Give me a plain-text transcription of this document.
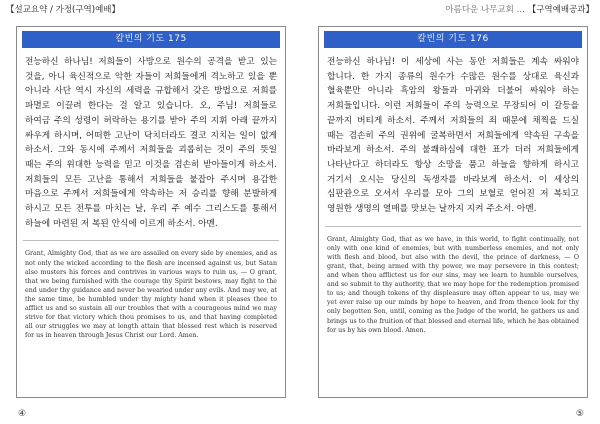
【설교요약 / 가정(구역)예배】	아름다운 나무교회 … 【구역예배공과】
칼빈의 기도 175
전능하신 하나님! 저희들이 사방으로 원수의 공격을 받고 있는 것을, 아니 육신적으로 악한 자들이 저희들에게 격노하고 있을 뿐 아니라 사단 역시 자신의 세력을 규합해서 갖은 방법으로 저희를 파멸로 이끌려 한다는 걸 알고 있습니다. 오, 주님! 저희들로 하여금 주의 성령이 허락하는 용기를 받아 주의 지휘 아래 끝까지 싸우게 하시며, 어떠한 고난이 닥치더라도 결코 지치는 일이 없게 하소서. 그와 동시에 주께서 저희들을 괴롭히는 것이 주의 뜻일 때는 주의 위대한 능력을 믿고 이것을 겸손히 받아들이게 하소서. 저희들의 모든 고난을 통해서 저희들을 붙잡아 주시며 용감한 마음으로 주께서 저희들에게 약속하는 저 승리를 향해 분발하게 하시고 모든 전투를 마치는 날, 우리 주 예수 그리스도를 통해서 하늘에 마련된 저 복된 안식에 이르게 하소서. 아멘.
Grant, Almighty God, that as we are assailed on every side by enemies, and as not only the wicked according to the flesh are incensed against us, but Satan also musters his forces and contrives in various ways to ruin us, — O grant, that we being furnished with the courage thy Spirit bestows, may fight to the end under thy guidance and never be wearied under any evils. And may we, at the same time, be humbled under thy mighty hand when it pleases thee to afflict us and so sustain all our troubles that with a courageous mind we may strive for that victory which thou promises to us, and that having completed all our struggles we may at length attain that blessed rest which is reserved for us in heaven through Jesus Christ our Lord. Amen.
칼빈의 기도 176
전능하신 하나님! 이 세상에 사는 동안 저희들은 계속 싸워야 합니다. 한 가지 종류의 원수가 수많은 원수를 상대로 육신과 혈육뿐만 아니라 흑암의 왕들과 마귀와 더불어 싸워야 하는 저희들입니다. 이런 저희들이 주의 능력으로 무장되어 이 갈등을 끝까지 버티게 하소서. 주께서 저희들의 죄 때문에 채찍을 드실 때는 겸손히 주의 권위에 굴복하면서 저희들에게 약속된 구속을 바라보게 하소서. 주의 불쾌하심에 대한 표가 더러 저희들에게 나타난다고 하더라도 항상 소망을 품고 하늘을 향하게 하시고 거기서 오시는 당신의 독생자를 바라보게 하소서. 이 세상의 심판관으로 오셔서 우리를 모아 그의 보혈로 얻어진 저 복되고 영원한 생명의 열매를 맛보는 날까지 지켜 주소서. 아멘.
Grant, Almighty God, that as we have, in this world, to fight continually, not only with one kind of enemies, but with numberless enemies, and not only with flesh and blood, but also with the devil, the prince of darkness, — O grant, that, being armed with thy power, we may persevere in this contest; and when thou afflictest us for our sins, may we learn to humble ourselves, and so submit to thy authority, that we may hope for the redemption promised to us; and though tokens of thy displeasure may often appear to us, may we yet ever raise up our minds by hope to heaven, and from thence look for thy only begotten Son, until, coming as the Judge of the world, he gathers us and brings us to the fruition of that blessed and eternal life, which he has obtained for us by his own blood. Amen.
④	⑤
